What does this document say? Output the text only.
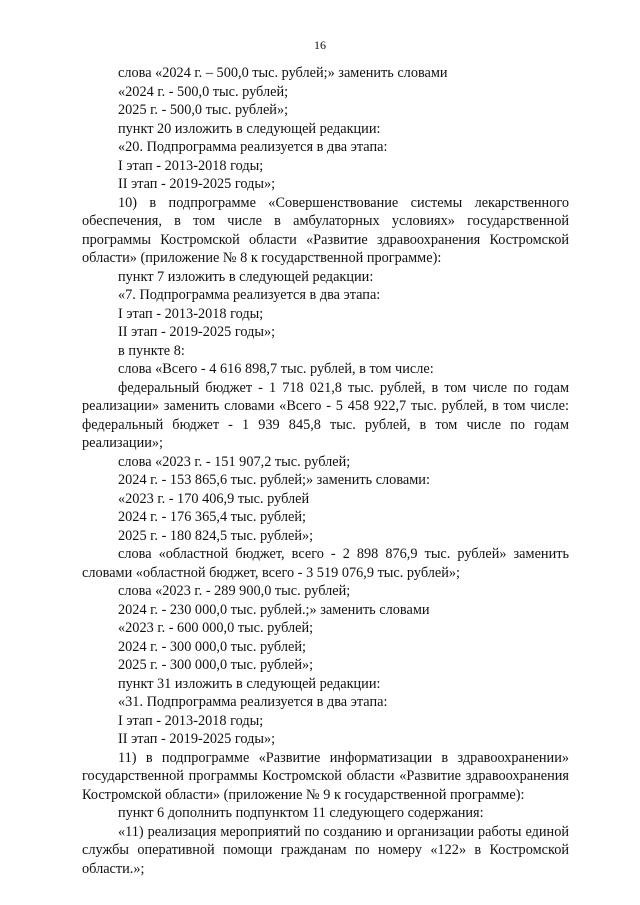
16

слова «2024 г. – 500,0 тыс. рублей;» заменить словами

«2024 г. - 500,0 тыс. рублей;

2025 г. - 500,0 тыс. рублей»;

пункт 20 изложить в следующей редакции:

«20. Подпрограмма реализуется в два этапа:

I этап - 2013-2018 годы;

II этап - 2019-2025 годы»;

10) в подпрограмме «Совершенствование системы лекарственного обеспечения, в том числе в амбулаторных условиях» государственной программы Костромской области «Развитие здравоохранения Костромской области» (приложение № 8 к государственной программе):

пункт 7 изложить в следующей редакции:

«7. Подпрограмма реализуется в два этапа:

I этап - 2013-2018 годы;

II этап - 2019-2025 годы»;

в пункте 8:

слова «Всего - 4 616 898,7 тыс. рублей, в том числе:

федеральный бюджет - 1 718 021,8 тыс. рублей, в том числе по годам реализации» заменить словами «Всего - 5 458 922,7 тыс. рублей, в том числе: федеральный бюджет - 1 939 845,8 тыс. рублей, в том числе по годам реализации»;

слова «2023 г. - 151 907,2 тыс. рублей;

2024 г. - 153 865,6 тыс. рублей;» заменить словами:

«2023 г. - 170 406,9 тыс. рублей

2024 г. - 176 365,4 тыс. рублей;

2025 г. - 180 824,5 тыс. рублей»;

слова «областной бюджет, всего - 2 898 876,9 тыс. рублей» заменить словами «областной бюджет, всего - 3 519 076,9 тыс. рублей»;

слова «2023 г. - 289 900,0 тыс. рублей;

2024 г. - 230 000,0 тыс. рублей.;» заменить словами

«2023 г. - 600 000,0 тыс. рублей;

2024 г. - 300 000,0 тыс. рублей;

2025 г. - 300 000,0 тыс. рублей»;

пункт 31 изложить в следующей редакции:

«31. Подпрограмма реализуется в два этапа:

I этап - 2013-2018 годы;

II этап - 2019-2025 годы»;

11) в подпрограмме «Развитие информатизации в здравоохранении» государственной программы Костромской области «Развитие здравоохранения Костромской области» (приложение № 9 к государственной программе):

пункт 6 дополнить подпунктом 11 следующего содержания:

«11) реализация мероприятий по созданию и организации работы единой службы оперативной помощи гражданам по номеру «122» в Костромской области.»;
